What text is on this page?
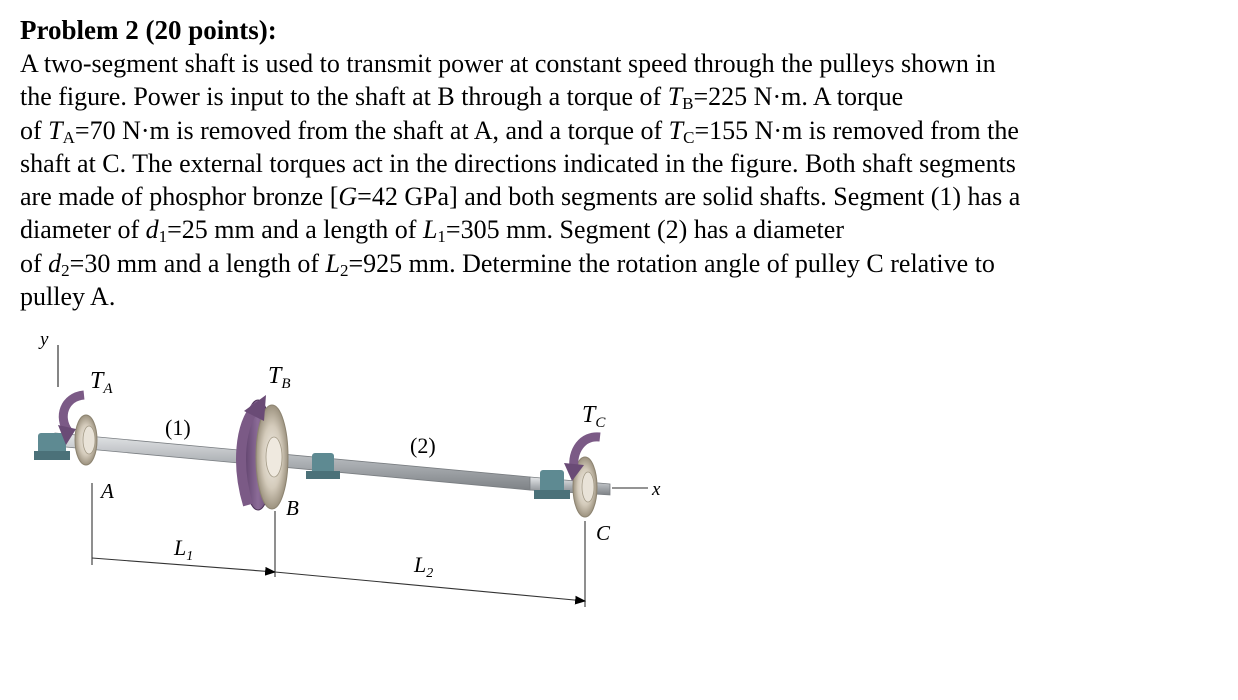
Problem 2 (20 points):
A two-segment shaft is used to transmit power at constant speed through the pulleys shown in
the figure. Power is input to the shaft at B through a torque of $T_B=225$ N·m. A torque
of $T_A=70$ N·m is removed from the shaft at A, and a torque of $T_C=155$ N·m is removed from the
shaft at C. The external torques act in the directions indicated in the figure. Both shaft segments
are made of phosphor bronze [G=42 GPa] and both segments are solid shafts. Segment (1) has a
diameter of $d_1=25$ mm and a length of $L_1=305$ mm. Segment (2) has a diameter
of $d_2=30$ mm and a length of $L_2=925$ mm. Determine the rotation angle of pulley C relative to
pulley A.
y
x
$T_A$	$T_B$
$T_C$
(1)
(2)
A
B
C
$L_1$	$L_2$
